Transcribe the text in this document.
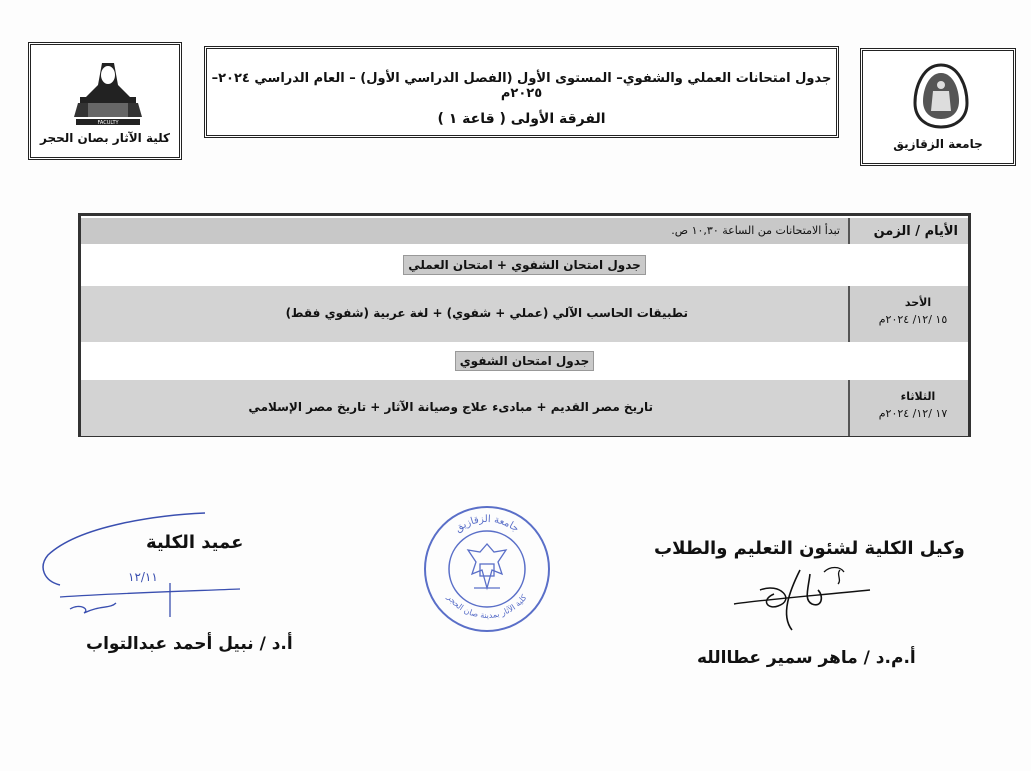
FACULTY
كلية الآثار بصان الحجر
جدول امتحانات العملي والشفوي– المستوى الأول (الفصل الدراسي الأول) – العام الدراسي ٢٠٢٤–٢٠٢٥م
الفرقة الأولى ( قاعة ١ )
جامعة الزقازيق
الأيام / الزمن
تبدأ الامتحانات من الساعة ١٠,٣٠ ص.
جدول امتحان الشفوي + امتحان العملي
الأحد
١٥ /١٢/ ٢٠٢٤م
تطبيقات الحاسب الآلي (عملي + شفوي) + لغة عربية (شفوي فقط)
جدول امتحان الشفوي
الثلاثاء
١٧ /١٢/ ٢٠٢٤م
تاريخ مصر القديم + مبادىء علاج وصيانة الآثار + تاريخ مصر الإسلامي
عميد الكلية
١٢/١١
أ.د / نبيل أحمد عبدالتواب
جامعة الزقازيق
كلية الآثار بمدينة صان الحجر
وكيل الكلية لشئون التعليم والطلاب
أ.م.د / ماهر سمير عطاالله
